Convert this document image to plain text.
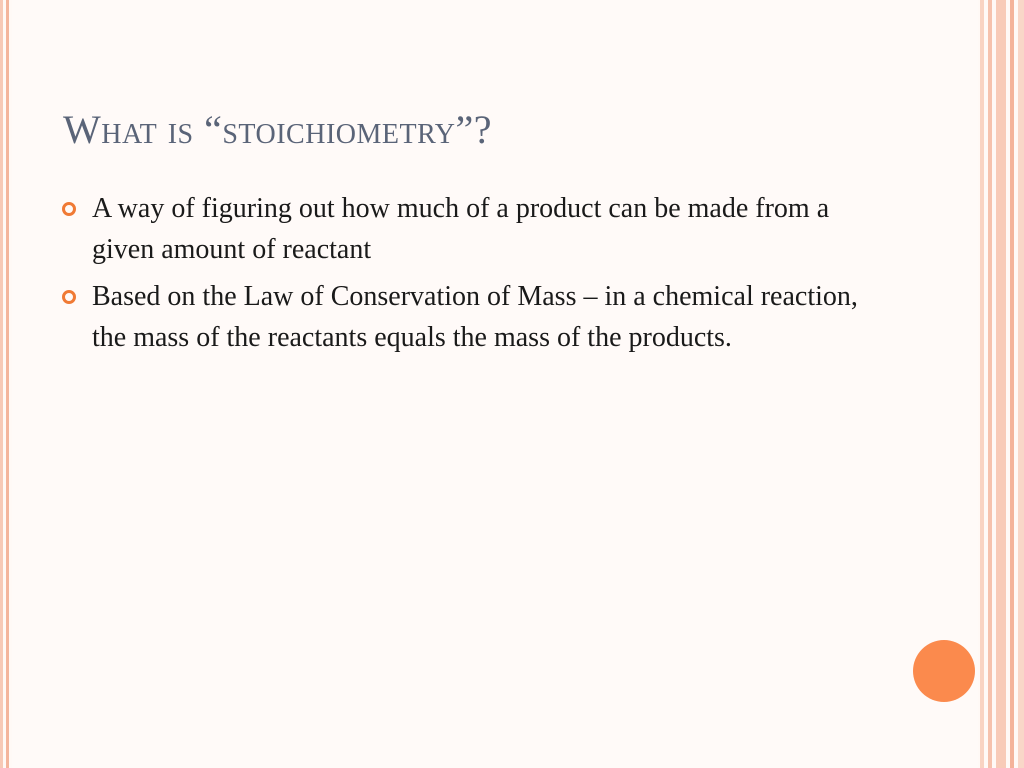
What is “stoichiometry”?
A way of figuring out how much of a product can be made from a given amount of reactant
Based on the Law of Conservation of Mass – in a chemical reaction, the mass of the reactants equals the mass of the products.
